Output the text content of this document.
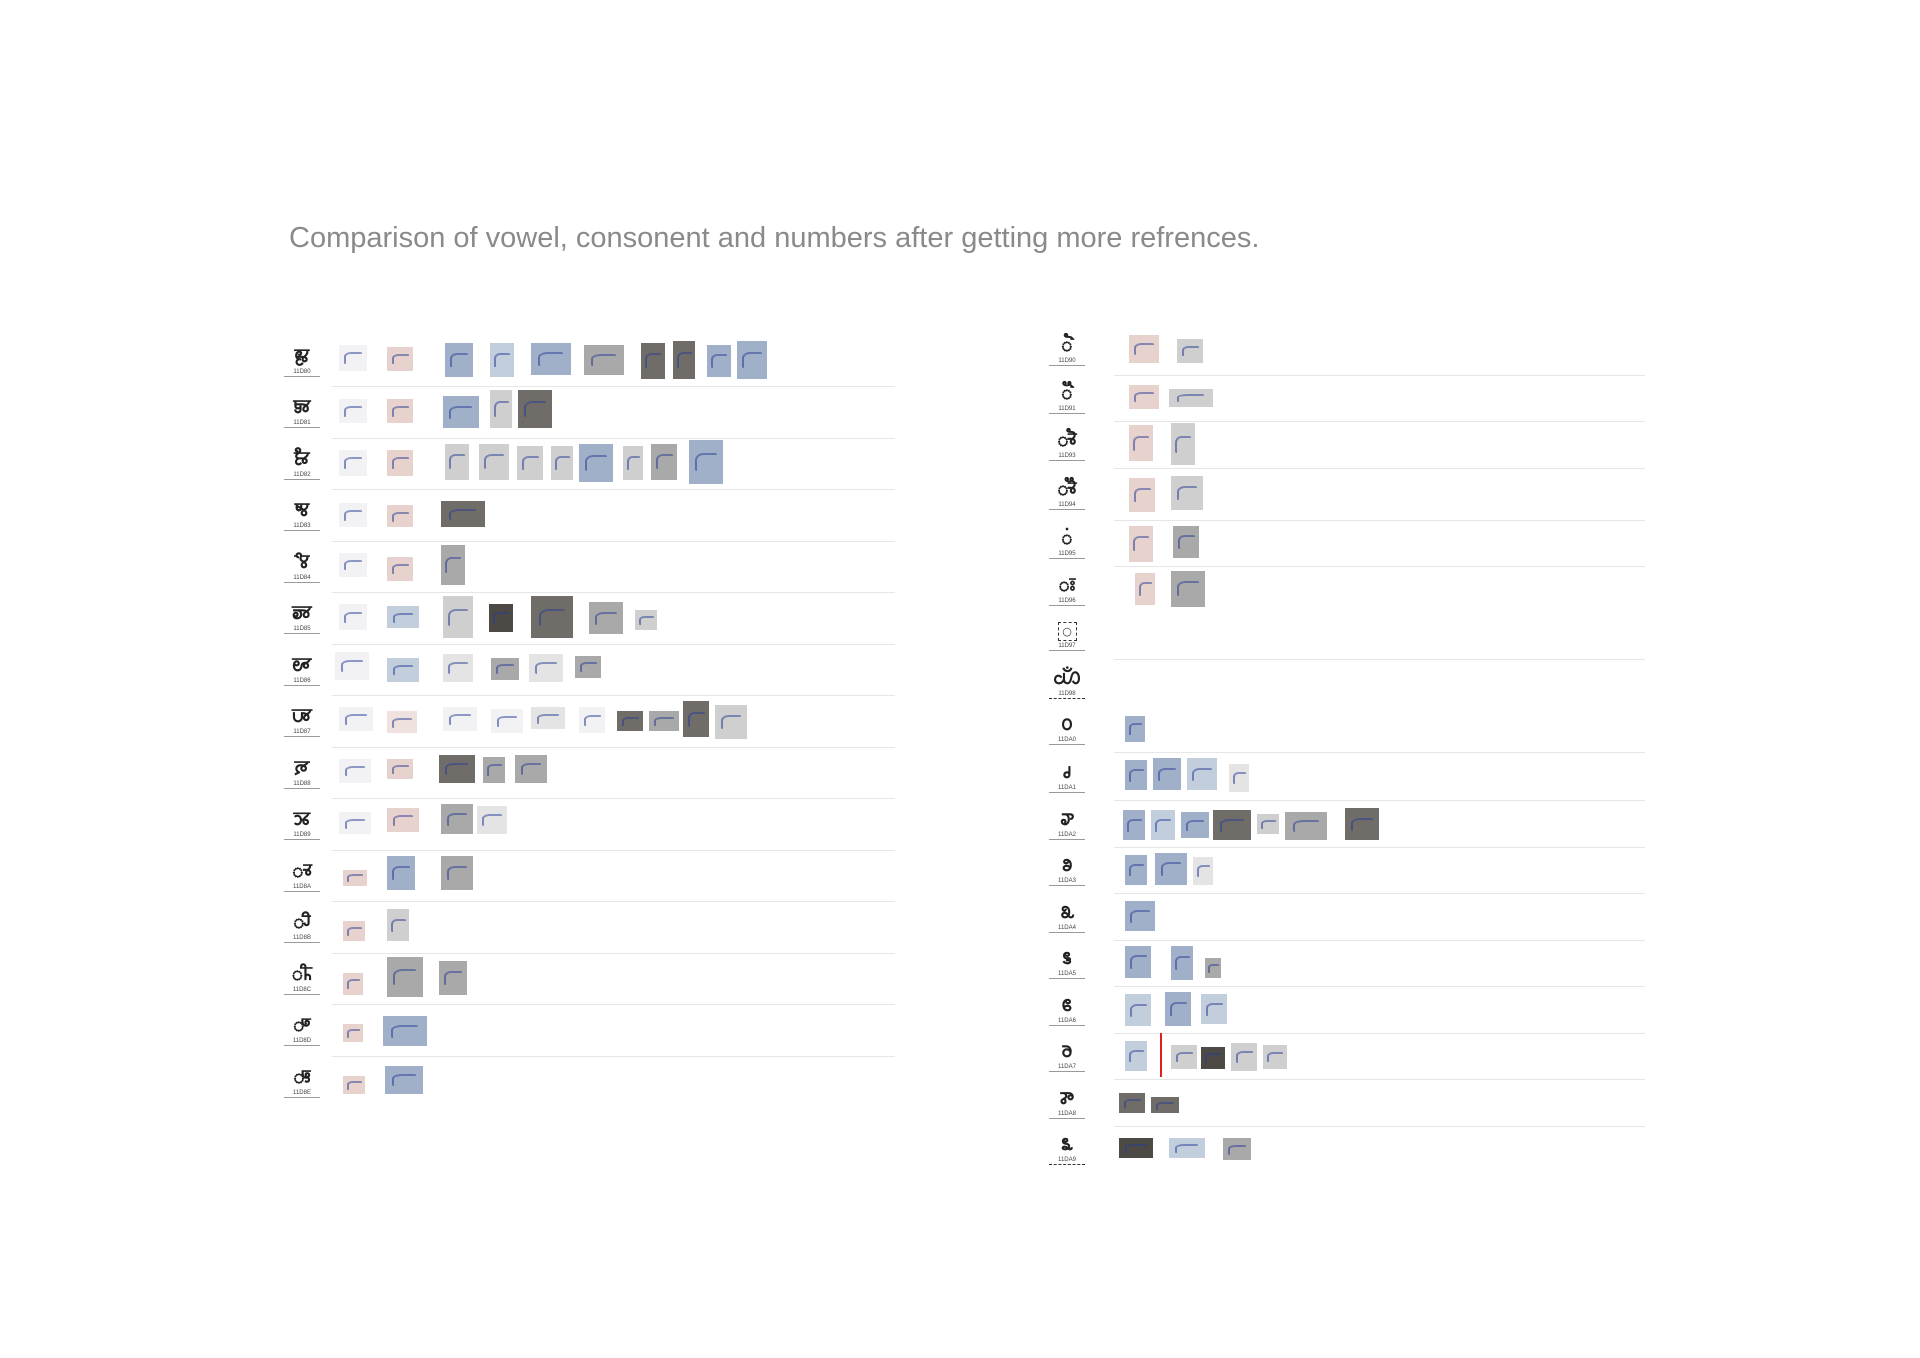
Comparison of vowel, consonent and numbers after getting more refrences.
𑶀
11D80
𑶁
11D81
𑶂
11D82
𑶃
11D83
𑶄
11D84
𑶅
11D85
𑶆
11D86
𑶇
11D87
𑶈
11D88
𑶉
11D89
◌𑶊
11D8A
◌𑶋
11D8B
◌𑶌
11D8C
◌𑶍
11D8D
◌𑶎
11D8E
◌𑶐
11D90
◌𑶑
11D91
◌𑶓
11D93
◌𑶔
11D94
◌𑶕
11D95
◌𑶖
11D96
○
11D97
𑶘
11D98
𑶠
11DA0
𑶡
11DA1
𑶢
11DA2
𑶣
11DA3
𑶤
11DA4
𑶥
11DA5
𑶦
11DA6
𑶧
11DA7
𑶨
11DA8
𑶩
11DA9
